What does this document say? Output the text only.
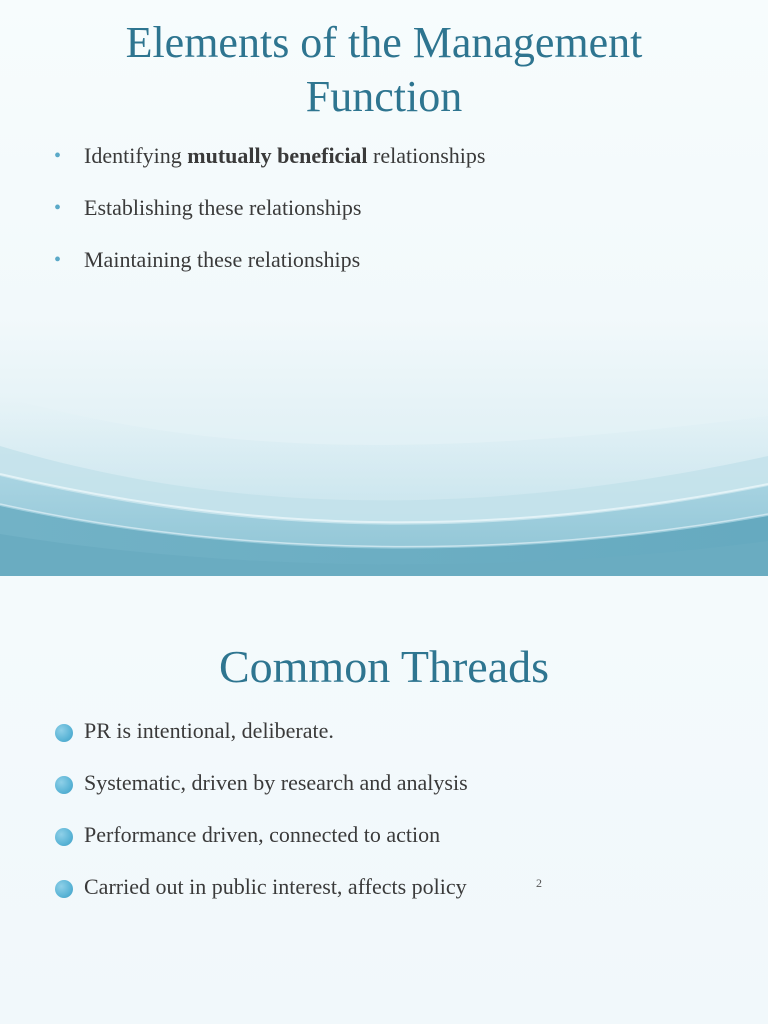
Elements of the Management
Function
• Identifying mutually beneficial relationships
• Establishing these relationships
• Maintaining these relationships
Common Threads
PR is intentional, deliberate.
Systematic, driven by research and analysis
Performance driven, connected to action
Carried out in public interest, affects policy	2
